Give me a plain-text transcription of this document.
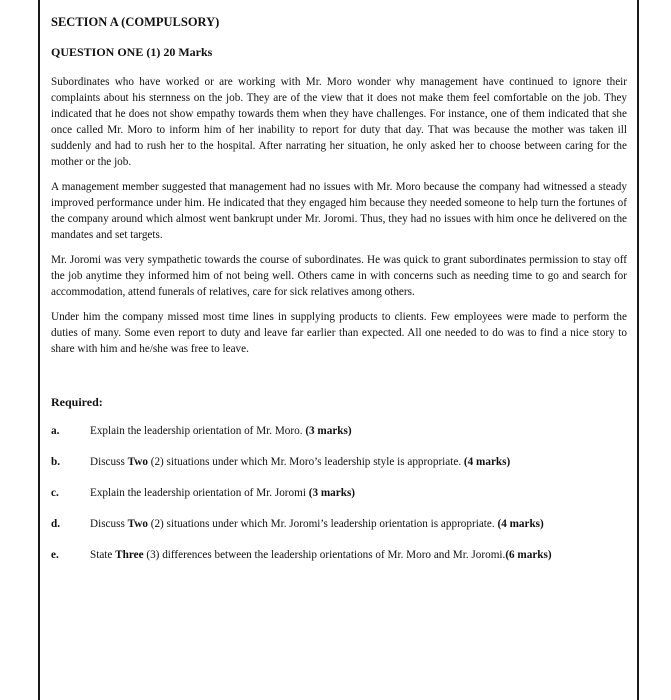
SECTION A (COMPULSORY)
QUESTION ONE (1) 20 Marks

Subordinates who have worked or are working with Mr. Moro wonder why management have continued to ignore their complaints about his sternness on the job. They are of the view that it does not make them feel comfortable on the job. They indicated that he does not show empathy towards them when they have challenges. For instance, one of them indicated that she once called Mr. Moro to inform him of her inability to report for duty that day. That was because the mother was taken ill suddenly and had to rush her to the hospital. After narrating her situation, he only asked her to choose between caring for the mother or the job.

A management member suggested that management had no issues with Mr. Moro because the company had witnessed a steady improved performance under him. He indicated that they engaged him because they needed someone to help turn the fortunes of the company around which almost went bankrupt under Mr. Joromi. Thus, they had no issues with him once he delivered on the mandates and set targets.

Mr. Joromi was very sympathetic towards the course of subordinates. He was quick to grant subordinates permission to stay off the job anytime they informed him of not being well. Others came in with concerns such as needing time to go and search for accommodation, attend funerals of relatives, care for sick relatives among others.

Under him the company missed most time lines in supplying products to clients. Few employees were made to perform the duties of many. Some even report to duty and leave far earlier than expected. All one needed to do was to find a nice story to share with him and he/she was free to leave.

Required:
a.	Explain the leadership orientation of Mr. Moro. (3 marks)
b.	Discuss Two (2) situations under which Mr. Moro’s leadership style is appropriate. (4 marks)
c.	Explain the leadership orientation of Mr. Joromi (3 marks)
d.	Discuss Two (2) situations under which Mr. Joromi’s leadership orientation is appropriate. (4 marks)
e.	State Three (3) differences between the leadership orientations of Mr. Moro and Mr. Joromi.(6 marks)
